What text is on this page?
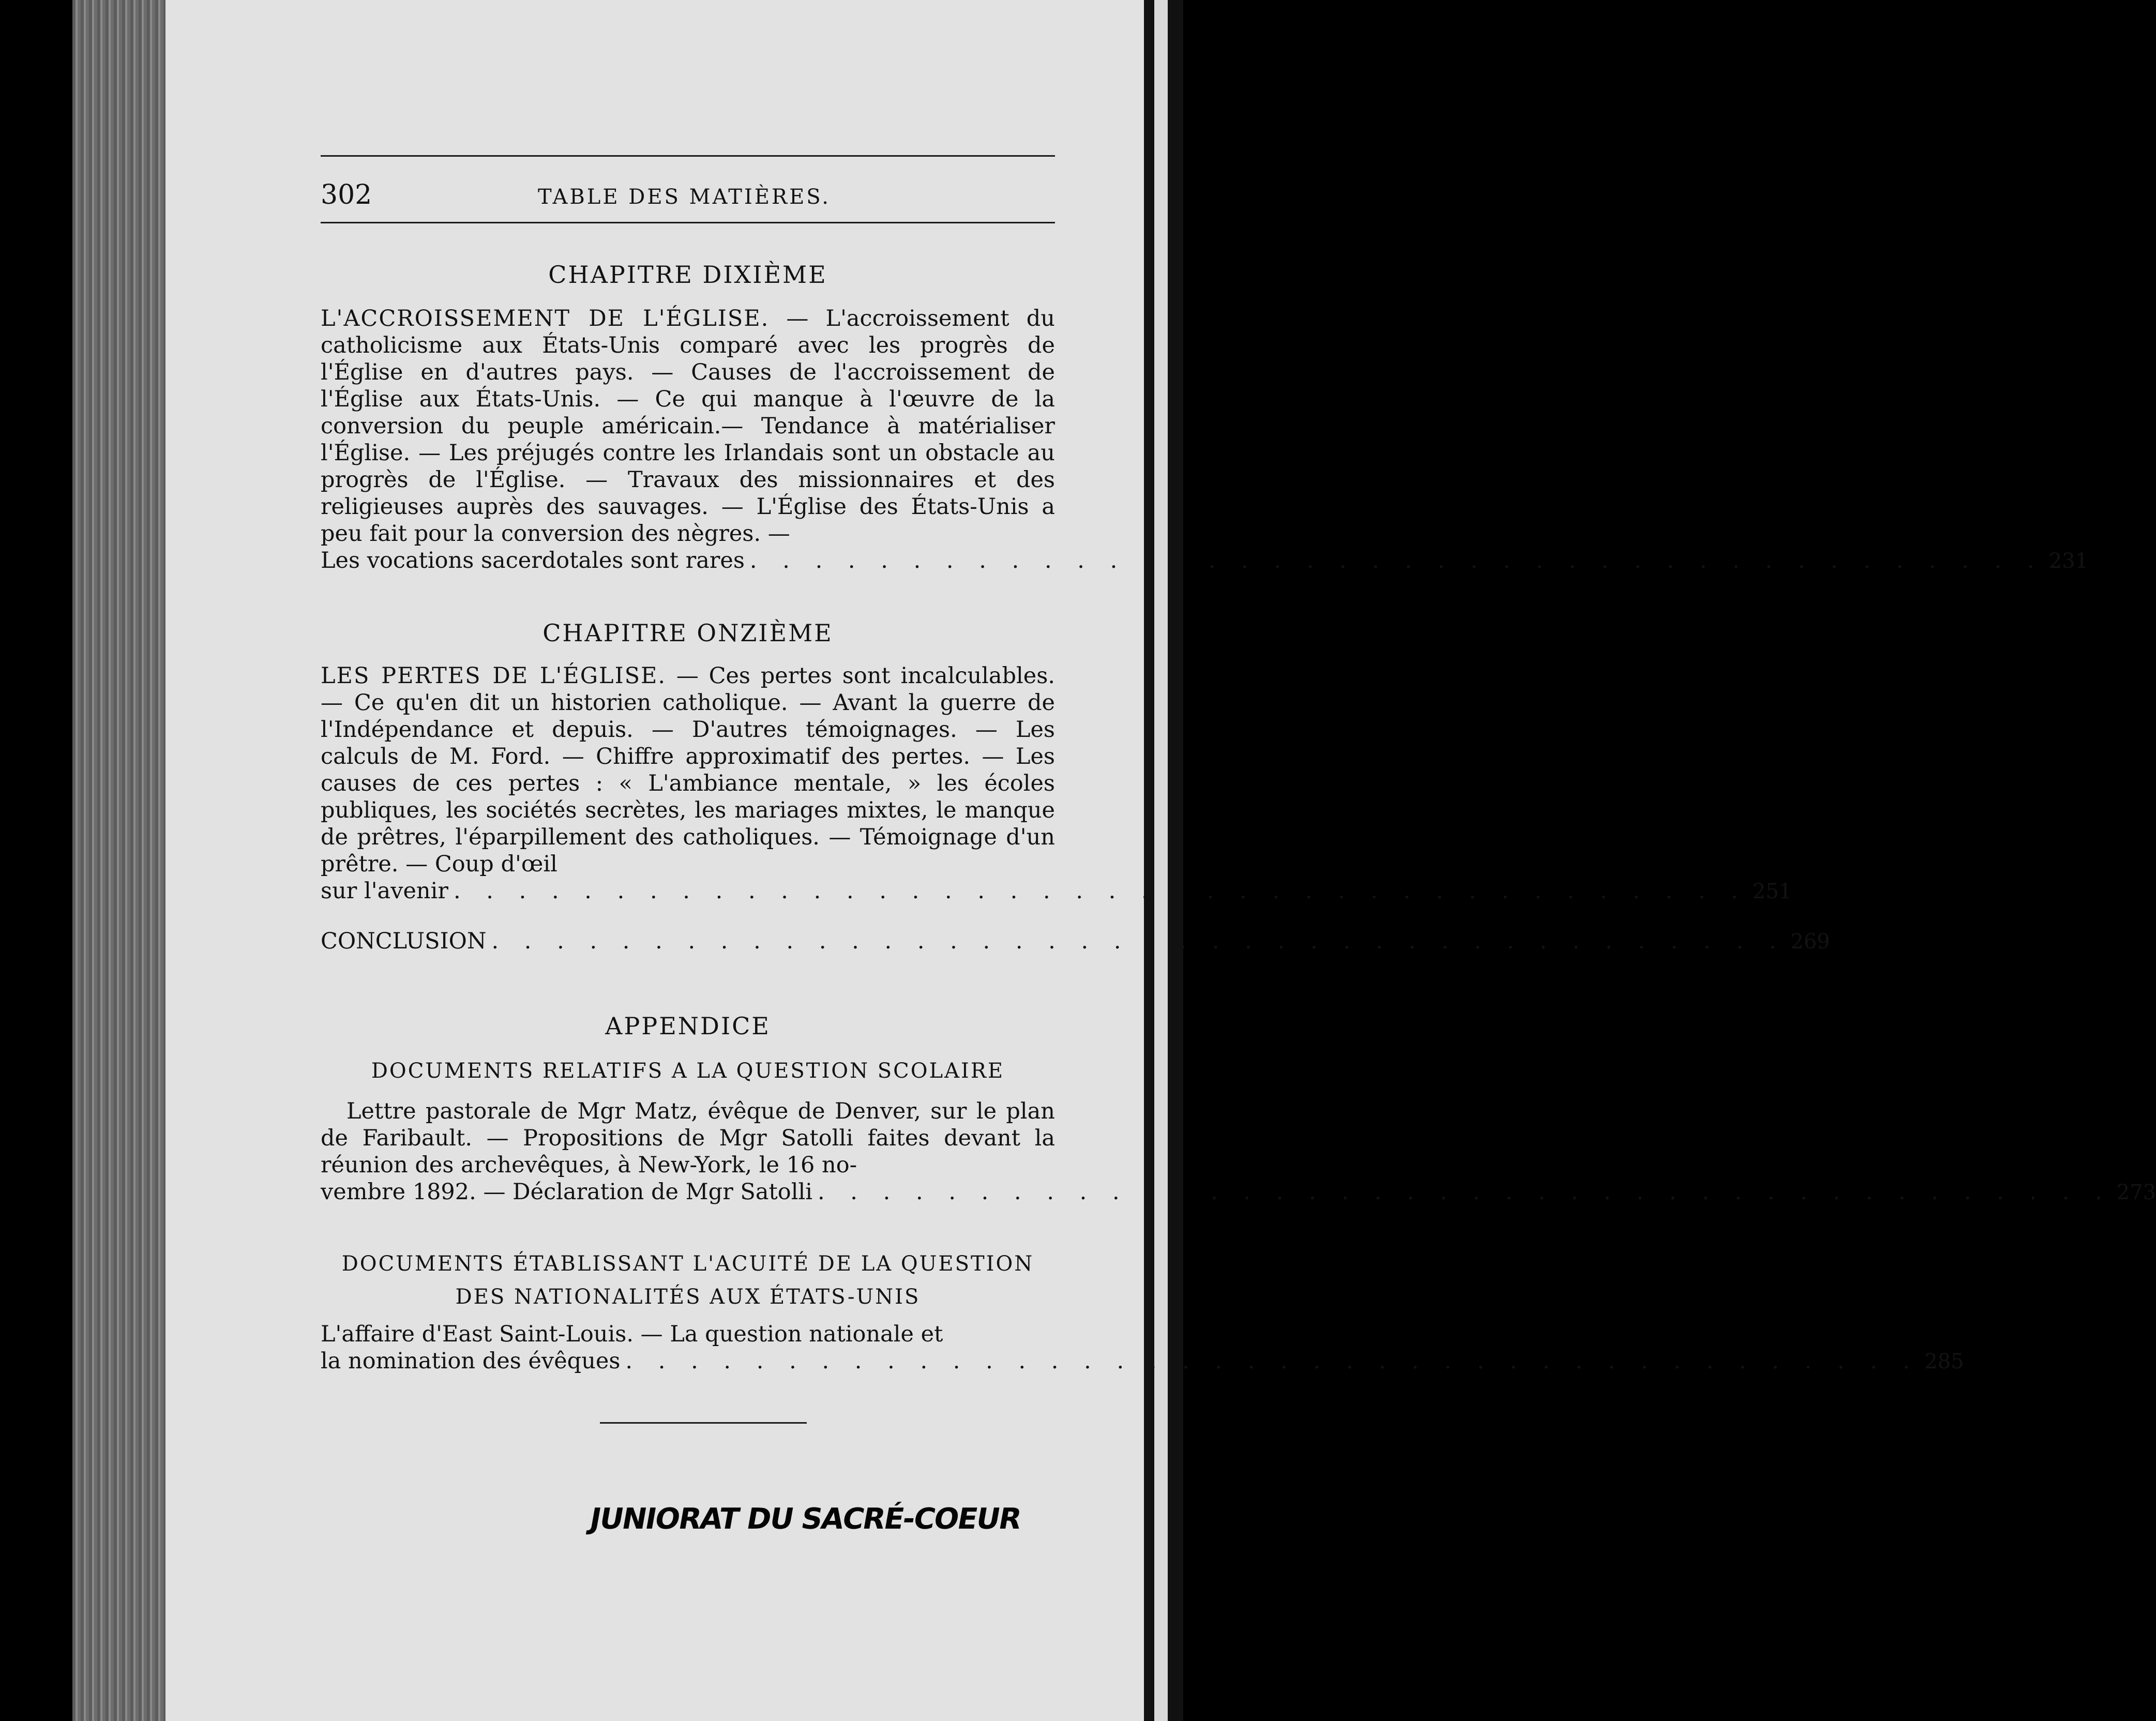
302	TABLE DES MATIÈRES.
CHAPITRE DIXIÈME

L'ACCROISSEMENT DE L'ÉGLISE. — L'accroissement du catholicisme aux États-Unis comparé avec les progrès de l'Église en d'autres pays. — Causes de l'accroissement de l'Église aux États-Unis. — Ce qui manque à l'œuvre de la conversion du peuple américain.— Tendance à matérialiser l'Église. — Les préjugés contre les Irlandais sont un obstacle au progrès de l'Église. — Travaux des missionnaires et des religieuses auprès des sauvages. — L'Église des États-Unis a peu fait pour la conversion des nègres. —

Les vocations sacerdotales sont rares . . . . . . . . . . . . . . . . . . . . . . . . . . . . . . . . . . . . . . . . 231
CHAPITRE ONZIÈME

LES PERTES DE L'ÉGLISE. — Ces pertes sont incalculables. — Ce qu'en dit un historien catholique. — Avant la guerre de l'Indépendance et depuis. — D'autres témoignages. — Les calculs de M. Ford. — Chiffre approximatif des pertes. — Les causes de ces pertes : « L'ambiance mentale, » les écoles publiques, les sociétés secrètes, les mariages mixtes, le manque de prêtres, l'éparpillement des catholiques. — Témoignage d'un prêtre. — Coup d'œil

sur l'avenir . . . . . . . . . . . . . . . . . . . . . . . . . . . . . . . . . . . . . . . . 251
CONCLUSION . . . . . . . . . . . . . . . . . . . . . . . . . . . . . . . . . . . . . . . . 269
APPENDICE
DOCUMENTS RELATIFS A LA QUESTION SCOLAIRE

Lettre pastorale de Mgr Matz, évêque de Denver, sur le plan de Faribault. — Propositions de Mgr Satolli faites devant la réunion des archevêques, à New-York, le 16 no-

vembre 1892. — Déclaration de Mgr Satolli . . . . . . . . . . . . . . . . . . . . . . . . . . . . . . . . . . . . . . . . 273
DOCUMENTS ÉTABLISSANT L'ACUITÉ DE LA QUESTION
DES NATIONALITÉS AUX ÉTATS-UNIS

L'affaire d'East Saint-Louis. — La question nationale et

la nomination des évêques . . . . . . . . . . . . . . . . . . . . . . . . . . . . . . . . . . . . . . . . 285
JUNIORAT DU SACRÉ-COEUR
